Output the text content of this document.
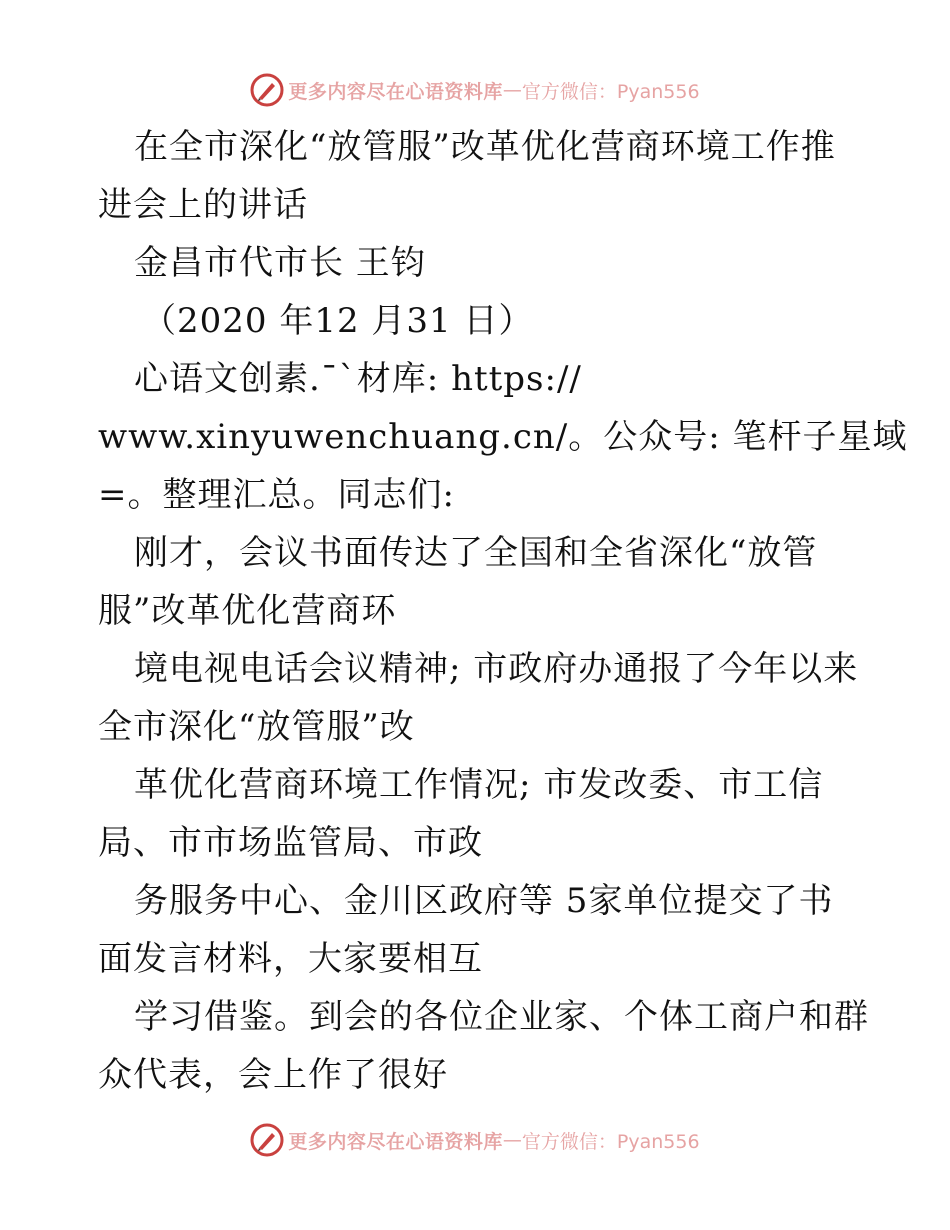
更多内容尽在心语资料库 — 官方微信：Pyan556
在全市深化“放管服”改革优化营商环境工作推
进会上的讲话
金昌市代市长 王钧
（2020 年12 月31 日）
心语文创素.¯`材库: https://
www.xinyuwenchuang.cn/。公众号: 笔杆子星域
=。整理汇总。同志们:
刚才，会议书面传达了全国和全省深化“放管
服”改革优化营商环
境电视电话会议精神; 市政府办通报了今年以来
全市深化“放管服”改
革优化营商环境工作情况; 市发改委、市工信
局、市市场监管局、市政
务服务中心、金川区政府等 5家单位提交了书
面发言材料，大家要相互
学习借鉴。到会的各位企业家、个体工商户和群
众代表，会上作了很好
更多内容尽在心语资料库 — 官方微信：Pyan556
